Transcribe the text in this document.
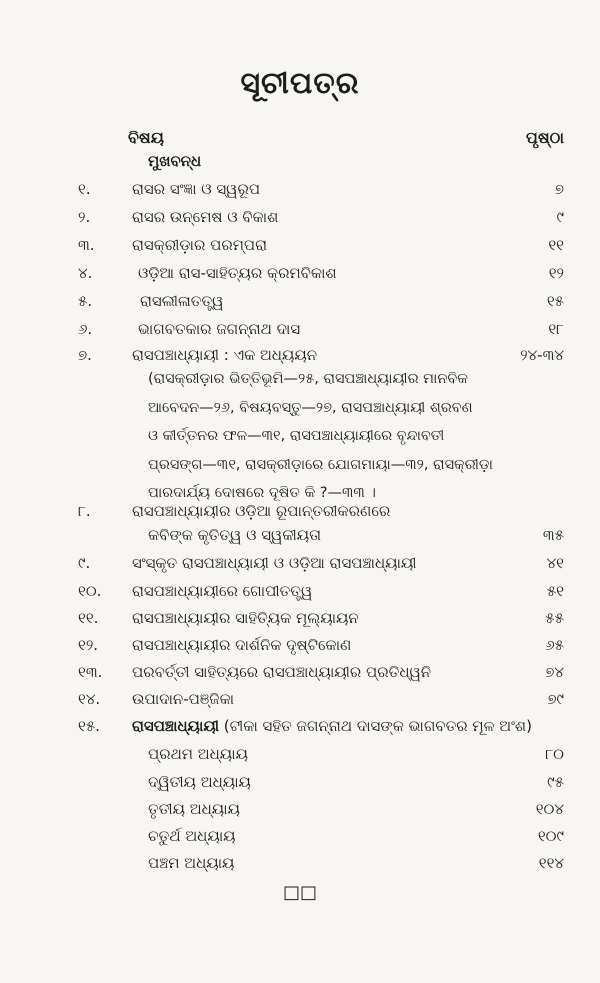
ସୂଚୀପତ୍ର
ବିଷୟ	ପୃଷ୍ଠା
ମୁଖବନ୍ଧ
୧.	ରାସର ସଂଜ୍ଞା ଓ ସ୍ୱରୂପ	୭
୨.	ରାସର ଉନ୍ମେଷ ଓ ବିକାଶ	୯
୩.	ରାସକ୍ରୀଡ଼ାର ପରମ୍ପରା	୧୧
୪.	ଓଡ଼ିଆ ରାସ-ସାହିତ୍ୟର କ୍ରମବିକାଶ	୧୨
୫.	ରାସଲୀଳାତତ୍ତ୍ୱ	୧୫
୬.	ଭାଗବତକାର ଜଗନ୍ନାଥ ଦାସ	୧୮
୭.	ରାସପଞ୍ଚାଧ୍ୟାୟୀ : ଏକ ଅଧ୍ୟୟନ	୨୪-୩୪
(ରାସକ୍ରୀଡ଼ାର ଭିତ୍ତିଭୂମି—୨୫, ରାସପଞ୍ଚାଧ୍ୟାୟୀର ମାନବିକ
ଆବେଦନ—୨୬, ବିଷୟବସ୍ତୁ—୨୭, ରାସପଞ୍ଚାଧ୍ୟାୟୀ ଶ୍ରବଣ
ଓ କୀର୍ତ୍ତନର ଫଳ—୩୧, ରାସପଞ୍ଚାଧ୍ୟାୟୀରେ ବୃନ୍ଦାବତୀ
ପ୍ରସଙ୍ଗ—୩୧, ରାସକ୍ରୀଡ଼ାରେ ଯୋଗମାୟା—୩୨, ରାସକ୍ରୀଡ଼ା
ପାରଦାର୍ଯ୍ୟ ଦୋଷରେ ଦୂଷିତ କି ?—୩୩ ।
୮.	ରାସପଞ୍ଚାଧ୍ୟାୟୀର ଓଡ଼ିଆ ରୂପାନ୍ତରୀକରଣରେ
କବିଙ୍କ କୃତିତ୍ୱ ଓ ସ୍ୱକୀୟତା	୩୫
୯.	ସଂସ୍କୃତ ରାସପଞ୍ଚାଧ୍ୟାୟୀ ଓ ଓଡ଼ିଆ ରାସପଞ୍ଚାଧ୍ୟାୟୀ	୪୧
୧୦.	ରାସପଞ୍ଚାଧ୍ୟାୟୀରେ ଗୋପୀତତ୍ତ୍ୱ	୫୧
୧୧.	ରାସପଞ୍ଚାଧ୍ୟାୟୀର ସାହିତ୍ୟିକ ମୂଲ୍ୟାୟନ	୫୫
୧୨.	ରାସପଞ୍ଚାଧ୍ୟାୟୀର ଦାର୍ଶନିକ ଦୃଷ୍ଟିକୋଣ	୬୫
୧୩.	ପରବର୍ତ୍ତୀ ସାହିତ୍ୟରେ ରାସପଞ୍ଚାଧ୍ୟାୟୀର ପ୍ରତିଧ୍ୱନି	୭୪
୧୪.	ଉପାଦାନ-ପଞ୍ଜିକା	୭୯
୧୫.	ରାସପଞ୍ଚାଧ୍ୟାୟୀ (ଟୀକା ସହିତ ଜଗନ୍ନାଥ ଦାସଙ୍କ ଭାଗବତର ମୂଳ ଅଂଶ)
ପ୍ରଥମ ଅଧ୍ୟାୟ	୮୦
ଦ୍ୱିତୀୟ ଅଧ୍ୟାୟ	୯୫
ତୃତୀୟ ଅଧ୍ୟାୟ	୧୦୪
ଚତୁର୍ଥ ଅଧ୍ୟାୟ	୧୦୯
ପଞ୍ଚମ ଅଧ୍ୟାୟ	୧୧୪
□□
